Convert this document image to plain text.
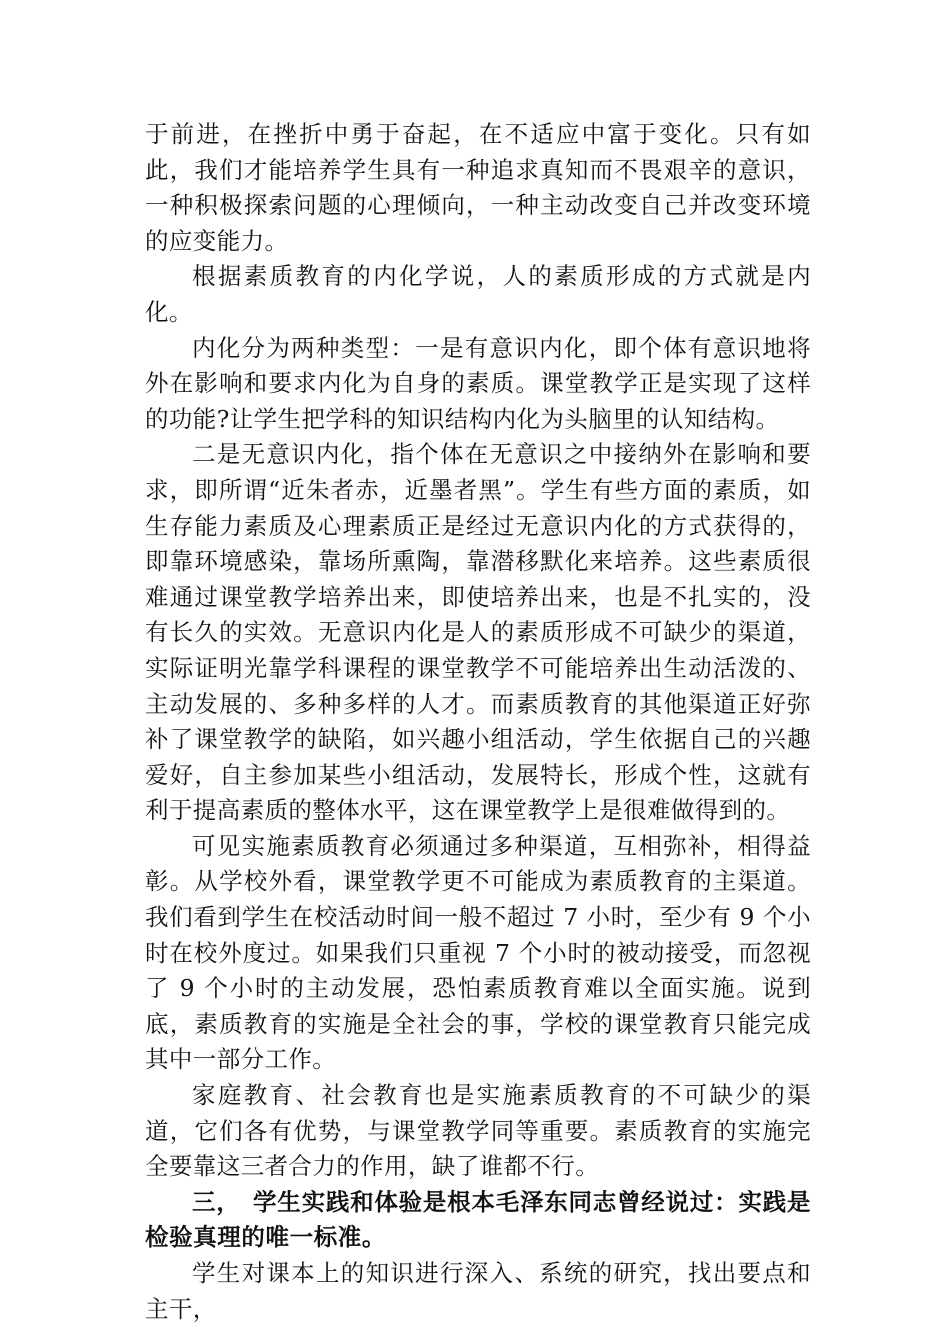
于前进，在挫折中勇于奋起，在不适应中富于变化。只有如此，我们才能培养学生具有一种追求真知而不畏艰辛的意识，一种积极探索问题的心理倾向，一种主动改变自己并改变环境的应变能力。

根据素质教育的内化学说，人的素质形成的方式就是内化。

内化分为两种类型：一是有意识内化，即个体有意识地将外在影响和要求内化为自身的素质。课堂教学正是实现了这样的功能?让学生把学科的知识结构内化为头脑里的认知结构。

二是无意识内化，指个体在无意识之中接纳外在影响和要求，即所谓“近朱者赤，近墨者黑”。学生有些方面的素质，如生存能力素质及心理素质正是经过无意识内化的方式获得的，即靠环境感染，靠场所熏陶，靠潜移默化来培养。这些素质很难通过课堂教学培养出来，即使培养出来，也是不扎实的，没有长久的实效。无意识内化是人的素质形成不可缺少的渠道，实际证明光靠学科课程的课堂教学不可能培养出生动活泼的、主动发展的、多种多样的人才。而素质教育的其他渠道正好弥补了课堂教学的缺陷，如兴趣小组活动，学生依据自己的兴趣爱好，自主参加某些小组活动，发展特长，形成个性，这就有利于提高素质的整体水平，这在课堂教学上是很难做得到的。

可见实施素质教育必须通过多种渠道，互相弥补，相得益彰。从学校外看，课堂教学更不可能成为素质教育的主渠道。我们看到学生在校活动时间一般不超过 7 小时，至少有 9 个小时在校外度过。如果我们只重视 7 个小时的被动接受，而忽视了 9 个小时的主动发展，恐怕素质教育难以全面实施。说到底，素质教育的实施是全社会的事，学校的课堂教育只能完成其中一部分工作。

家庭教育、社会教育也是实施素质教育的不可缺少的渠道，它们各有优势，与课堂教学同等重要。素质教育的实施完全要靠这三者合力的作用，缺了谁都不行。

三，　学生实践和体验是根本毛泽东同志曾经说过：实践是检验真理的唯一标准。

学生对课本上的知识进行深入、系统的研究，找出要点和主干，
